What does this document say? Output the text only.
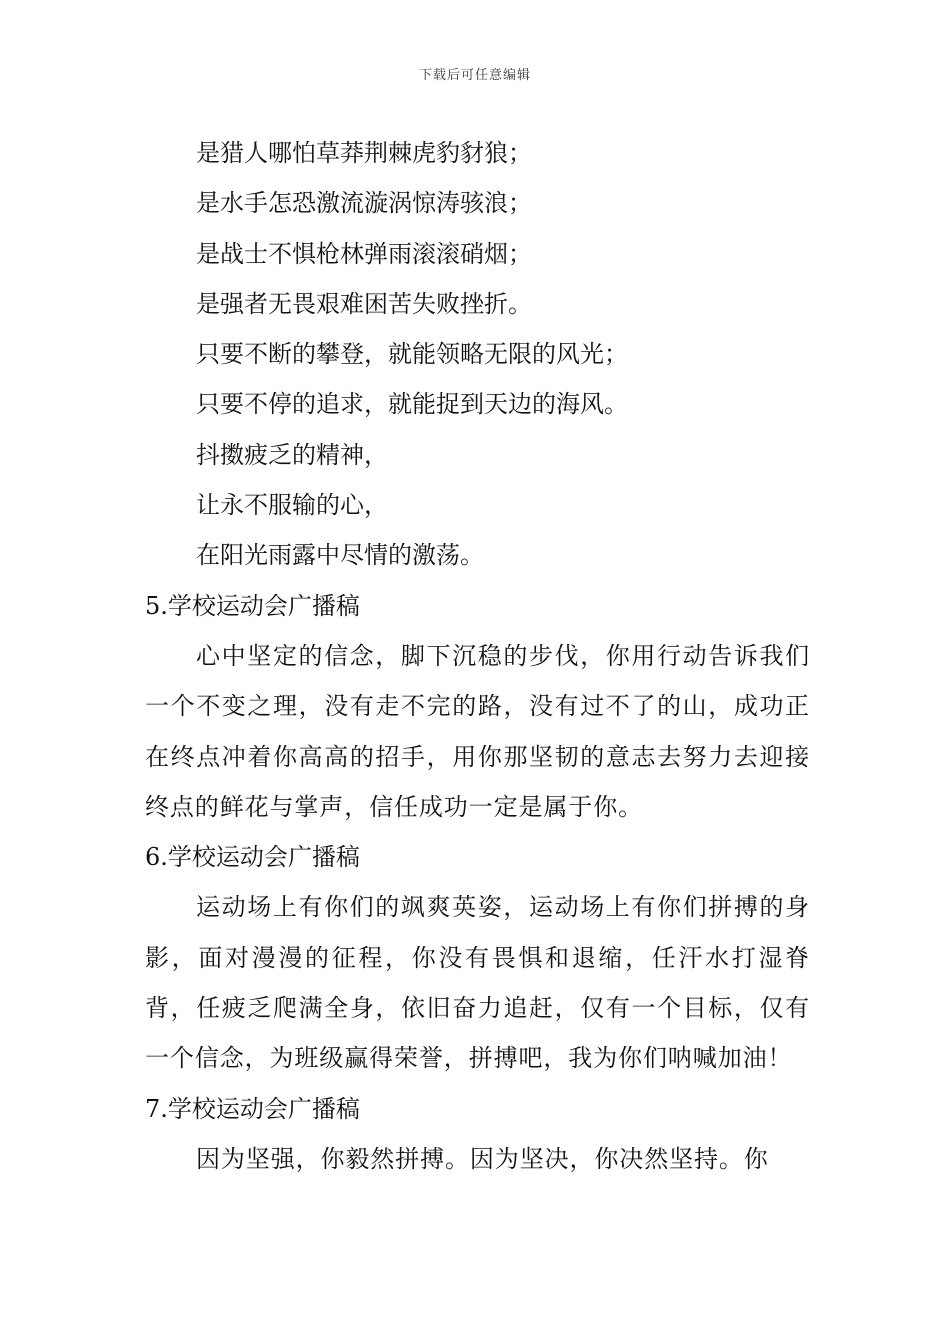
下载后可任意编辑
是猎人哪怕草莽荆棘虎豹豺狼；
是水手怎恐激流漩涡惊涛骇浪；
是战士不惧枪林弹雨滚滚硝烟；
是强者无畏艰难困苦失败挫折。
只要不断的攀登，就能领略无限的风光；
只要不停的追求，就能捉到天边的海风。
抖擞疲乏的精神，
让永不服输的心，
在阳光雨露中尽情的激荡。
5.学校运动会广播稿

心中坚定的信念，脚下沉稳的步伐，你用行动告诉我们一个不变之理，没有走不完的路，没有过不了的山，成功正在终点冲着你高高的招手，用你那坚韧的意志去努力去迎接终点的鲜花与掌声，信任成功一定是属于你。

6.学校运动会广播稿

运动场上有你们的飒爽英姿，运动场上有你们拼搏的身影，面对漫漫的征程，你没有畏惧和退缩，任汗水打湿脊背，任疲乏爬满全身，依旧奋力追赶，仅有一个目标，仅有一个信念，为班级赢得荣誉，拼搏吧，我为你们呐喊加油！

7.学校运动会广播稿

因为坚强，你毅然拼搏。因为坚决，你决然坚持。你
